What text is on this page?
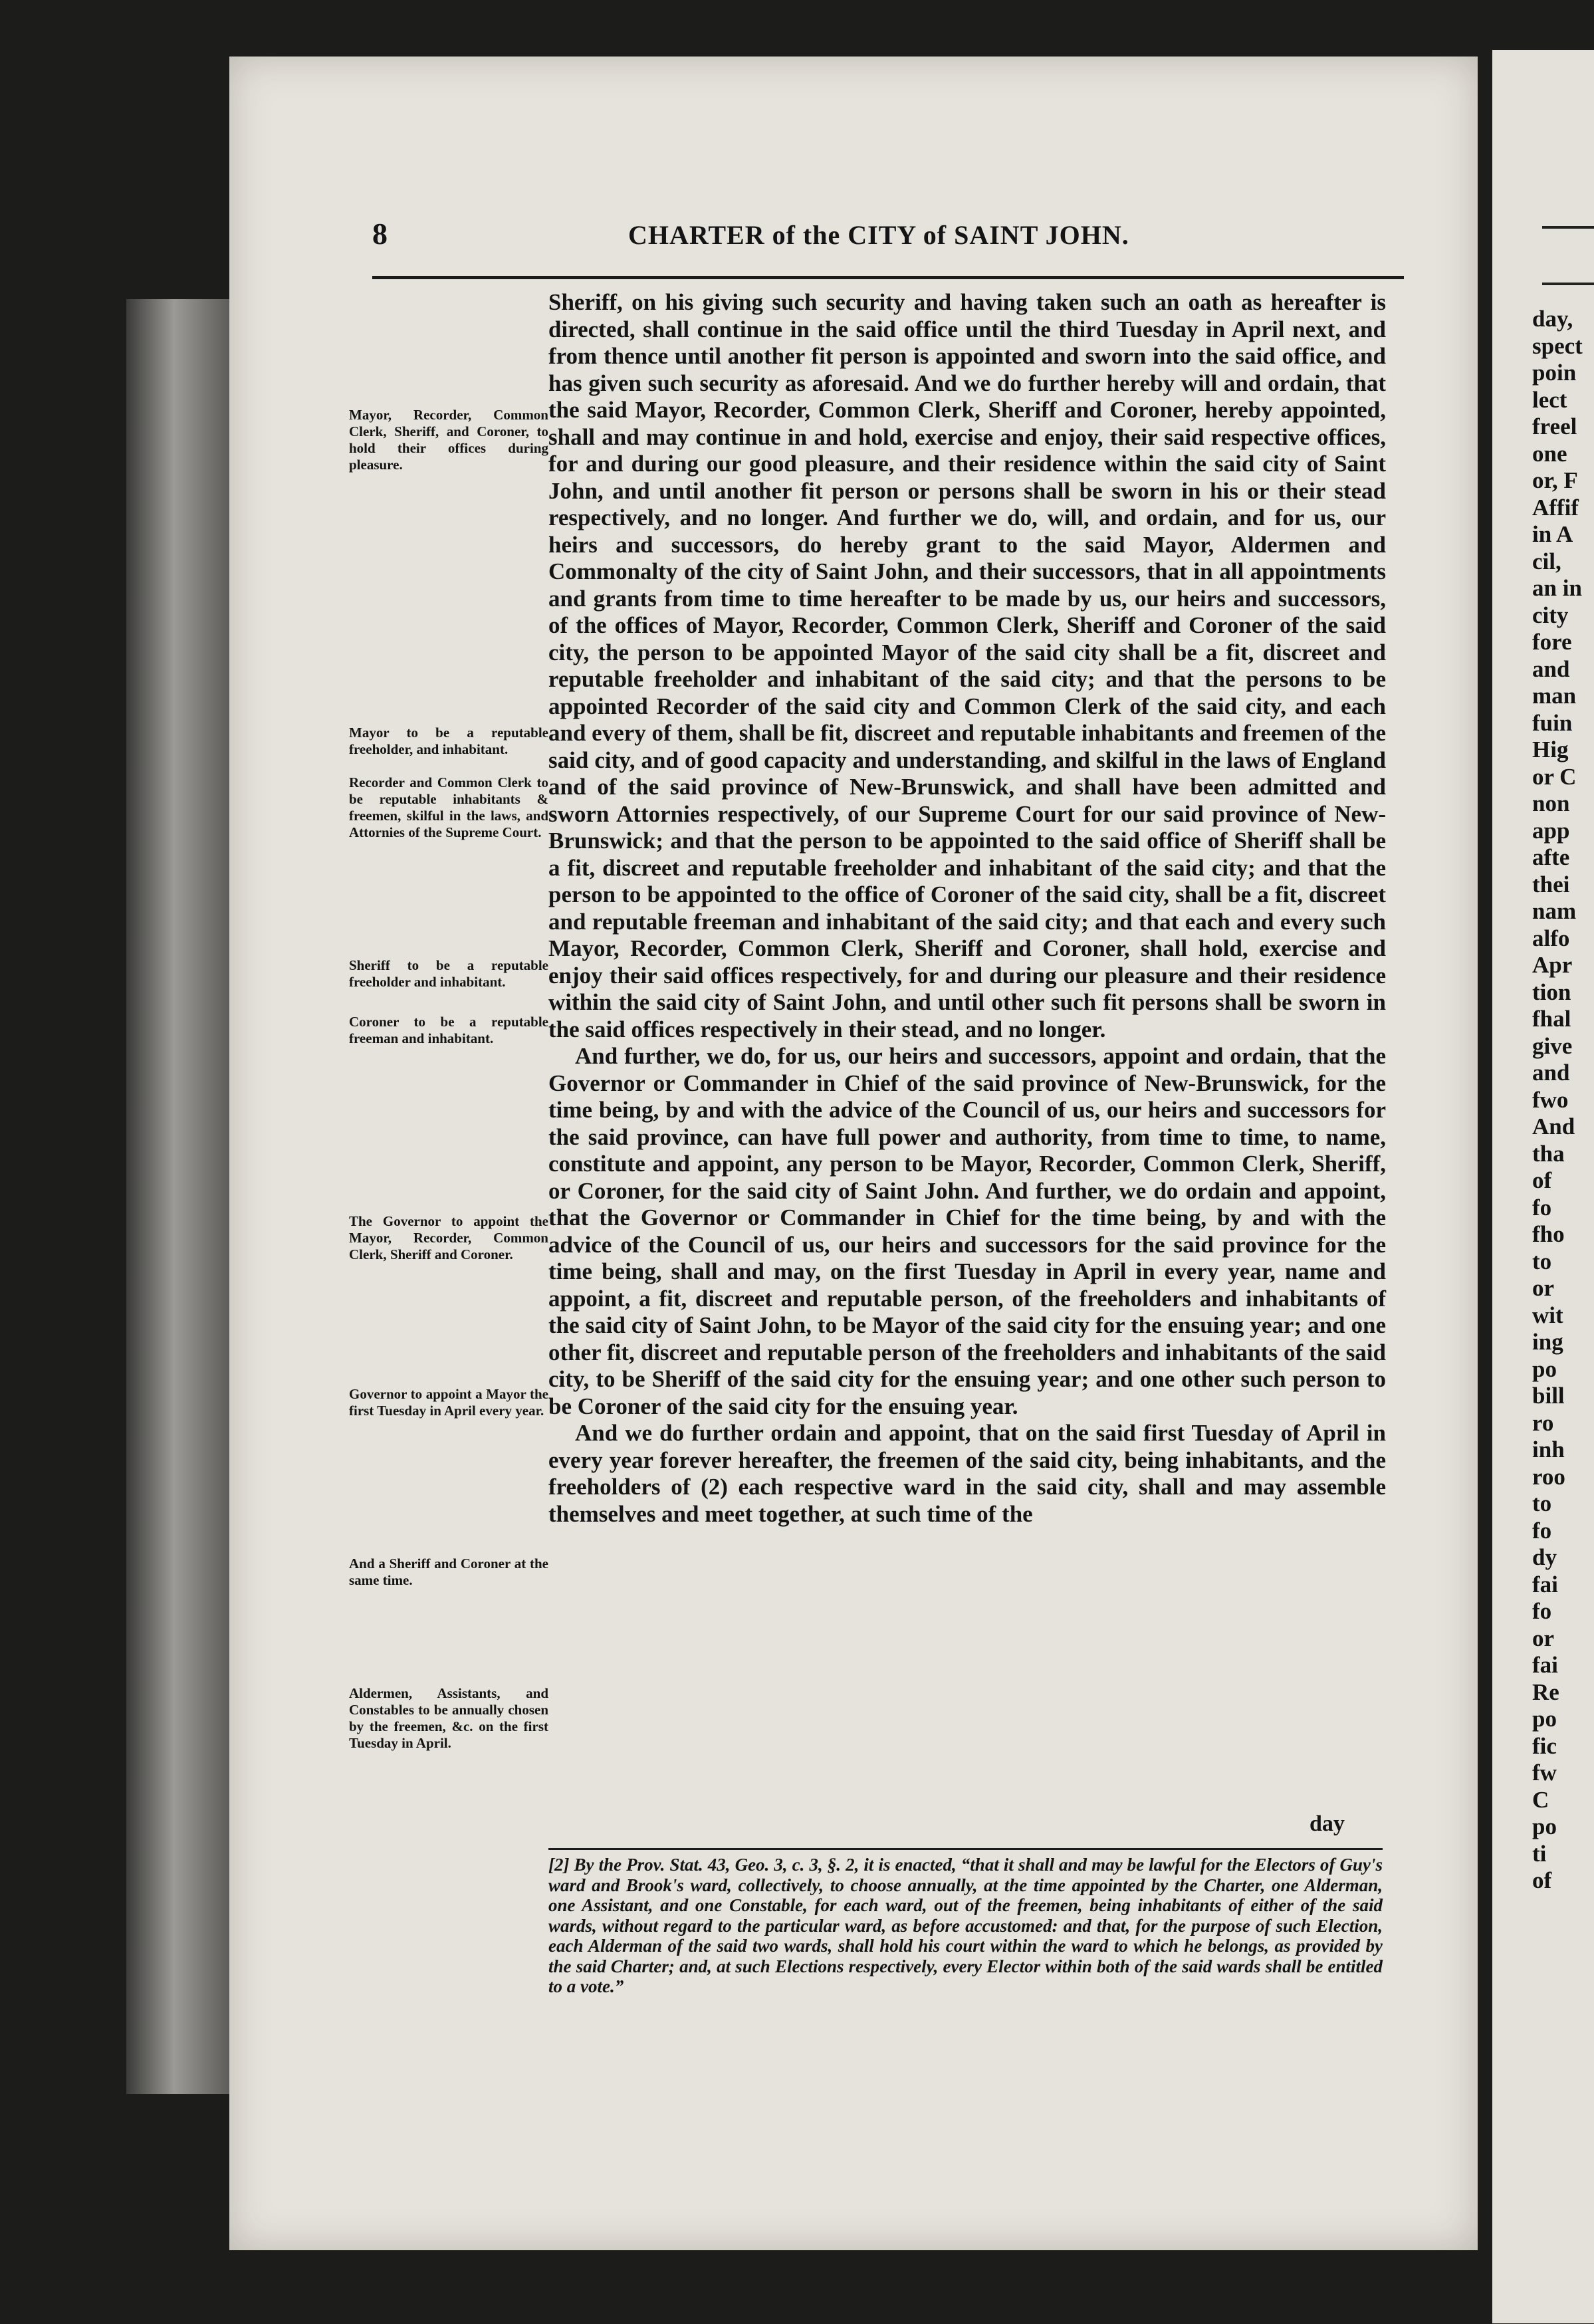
8	CHARTER of the CITY of SAINT JOHN.

Sheriff, on his giving such security and having taken such an oath as hereafter is directed, shall continue in the said office until the third Tuesday in April next, and from thence until another fit person is appointed and sworn into the said office, and has given such security as aforesaid. And we do further hereby will and ordain, that the said Mayor, Recorder, Common Clerk, Sheriff and Coroner, hereby appointed, shall and may continue in and hold, exercise and enjoy, their said respective offices, for and during our good pleasure, and their residence within the said city of Saint John, and until another fit person or persons shall be sworn in his or their stead respectively, and no longer. And further we do, will, and ordain, and for us, our heirs and successors, do hereby grant to the said Mayor, Aldermen and Commonalty of the city of Saint John, and their successors, that in all appointments and grants from time to time hereafter to be made by us, our heirs and successors, of the offices of Mayor, Recorder, Common Clerk, Sheriff and Coroner of the said city, the person to be appointed Mayor of the said city shall be a fit, discreet and reputable freeholder and inhabitant of the said city; and that the persons to be appointed Recorder of the said city and Common Clerk of the said city, and each and every of them, shall be fit, discreet and reputable inhabitants and freemen of the said city, and of good capacity and understanding, and skilful in the laws of England and of the said province of New-Brunswick, and shall have been admitted and sworn Attornies respectively, of our Supreme Court for our said province of New-Brunswick; and that the person to be appointed to the said office of Sheriff shall be a fit, discreet and reputable freeholder and inhabitant of the said city; and that the person to be appointed to the office of Coroner of the said city, shall be a fit, discreet and reputable freeman and inhabitant of the said city; and that each and every such Mayor, Recorder, Common Clerk, Sheriff and Coroner, shall hold, exercise and enjoy their said offices respectively, for and during our pleasure and their residence within the said city of Saint John, and until other such fit persons shall be sworn in the said offices respectively in their stead, and no longer.

And further, we do, for us, our heirs and successors, appoint and ordain, that the Governor or Commander in Chief of the said province of New-Brunswick, for the time being, by and with the advice of the Council of us, our heirs and successors for the said province, can have full power and authority, from time to time, to name, constitute and appoint, any person to be Mayor, Recorder, Common Clerk, Sheriff, or Coroner, for the said city of Saint John. And further, we do ordain and appoint, that the Governor or Commander in Chief for the time being, by and with the advice of the Council of us, our heirs and successors for the said province for the time being, shall and may, on the first Tuesday in April in every year, name and appoint, a fit, discreet and reputable person, of the freeholders and inhabitants of the said city of Saint John, to be Mayor of the said city for the ensuing year; and one other fit, discreet and reputable person of the freeholders and inhabitants of the said city, to be Sheriff of the said city for the ensuing year; and one other such person to be Coroner of the said city for the ensuing year.

And we do further ordain and appoint, that on the said first Tuesday of April in every year forever hereafter, the freemen of the said city, being inhabitants, and the freeholders of (2) each respective ward in the said city, shall and may assemble themselves and meet together, at such time of the

day
Mayor, Recorder, Common Clerk, Sheriff, and Coroner, to hold their offices during pleasure.
Mayor to be a reputable freeholder, and inhabitant.
Recorder and Common Clerk to be reputable inhabitants & freemen, skilful in the laws, and Attornies of the Supreme Court.
Sheriff to be a reputable freeholder and inhabitant.
Coroner to be a reputable freeman and inhabitant.
The Governor to appoint the Mayor, Recorder, Common Clerk, Sheriff and Coroner.
Governor to appoint a Mayor the first Tuesday in April every year.
And a Sheriff and Coroner at the same time.
Aldermen, Assistants, and Constables to be annually chosen by the freemen, &c. on the first Tuesday in April.
[2] By the Prov. Stat. 43, Geo. 3, c. 3, §. 2, it is enacted, “that it shall and may be lawful for the Electors of Guy's ward and Brook's ward, collectively, to choose annually, at the time appointed by the Charter, one Alderman, one Assistant, and one Constable, for each ward, out of the freemen, being inhabitants of either of the said wards, without regard to the particular ward, as before accustomed: and that, for the purpose of such Election, each Alderman of the said two wards, shall hold his court within the ward to which he belongs, as provided by the said Charter; and, at such Elections respectively, every Elector within both of the said wards shall be entitled to a vote.”
day,
spect
poin
lect
freel
one
or, F
Affif
in A
cil,
an in
city
fore
and
man
fuin
Hig
or C
non
app
afte
thei
nam
alfo
Apr
tion
fhal
give
and
fwo
And
tha
of
fo
fho
to
or
wit
ing
po
bill
ro
inh
roo
to
fo
dy
fai
fo
or
fai
Re
po
fic
fw
C
po
ti
of
